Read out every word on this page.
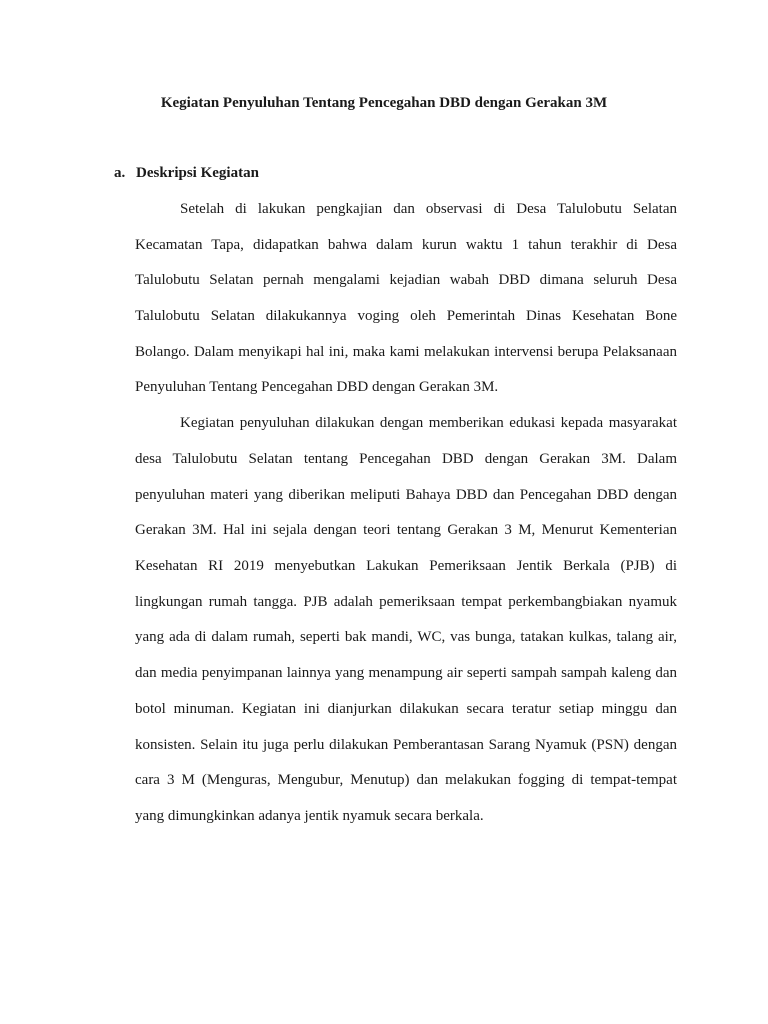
Kegiatan Penyuluhan Tentang Pencegahan DBD dengan Gerakan 3M
a. Deskripsi Kegiatan
Setelah di lakukan pengkajian dan observasi di Desa Talulobutu Selatan
Kecamatan Tapa, didapatkan bahwa dalam kurun waktu 1 tahun terakhir di Desa
Talulobutu Selatan pernah mengalami kejadian wabah DBD dimana seluruh Desa
Talulobutu Selatan dilakukannya voging oleh Pemerintah Dinas Kesehatan Bone
Bolango. Dalam menyikapi hal ini, maka kami melakukan intervensi berupa Pelaksanaan
Penyuluhan Tentang Pencegahan DBD dengan Gerakan 3M.
Kegiatan penyuluhan dilakukan dengan memberikan edukasi kepada masyarakat
desa Talulobutu Selatan tentang Pencegahan DBD dengan Gerakan 3M. Dalam
penyuluhan materi yang diberikan meliputi Bahaya DBD dan Pencegahan DBD dengan
Gerakan 3M. Hal ini sejala dengan teori tentang Gerakan 3 M, Menurut Kementerian
Kesehatan RI 2019 menyebutkan Lakukan Pemeriksaan Jentik Berkala (PJB) di
lingkungan rumah tangga. PJB adalah pemeriksaan tempat perkembangbiakan nyamuk
yang ada di dalam rumah, seperti bak mandi, WC, vas bunga, tatakan kulkas, talang air,
dan media penyimpanan lainnya yang menampung air seperti sampah sampah kaleng dan
botol minuman. Kegiatan ini dianjurkan dilakukan secara teratur setiap minggu dan
konsisten. Selain itu juga perlu dilakukan Pemberantasan Sarang Nyamuk (PSN) dengan
cara 3 M (Menguras, Mengubur, Menutup) dan melakukan fogging di tempat-tempat
yang dimungkinkan adanya jentik nyamuk secara berkala.
